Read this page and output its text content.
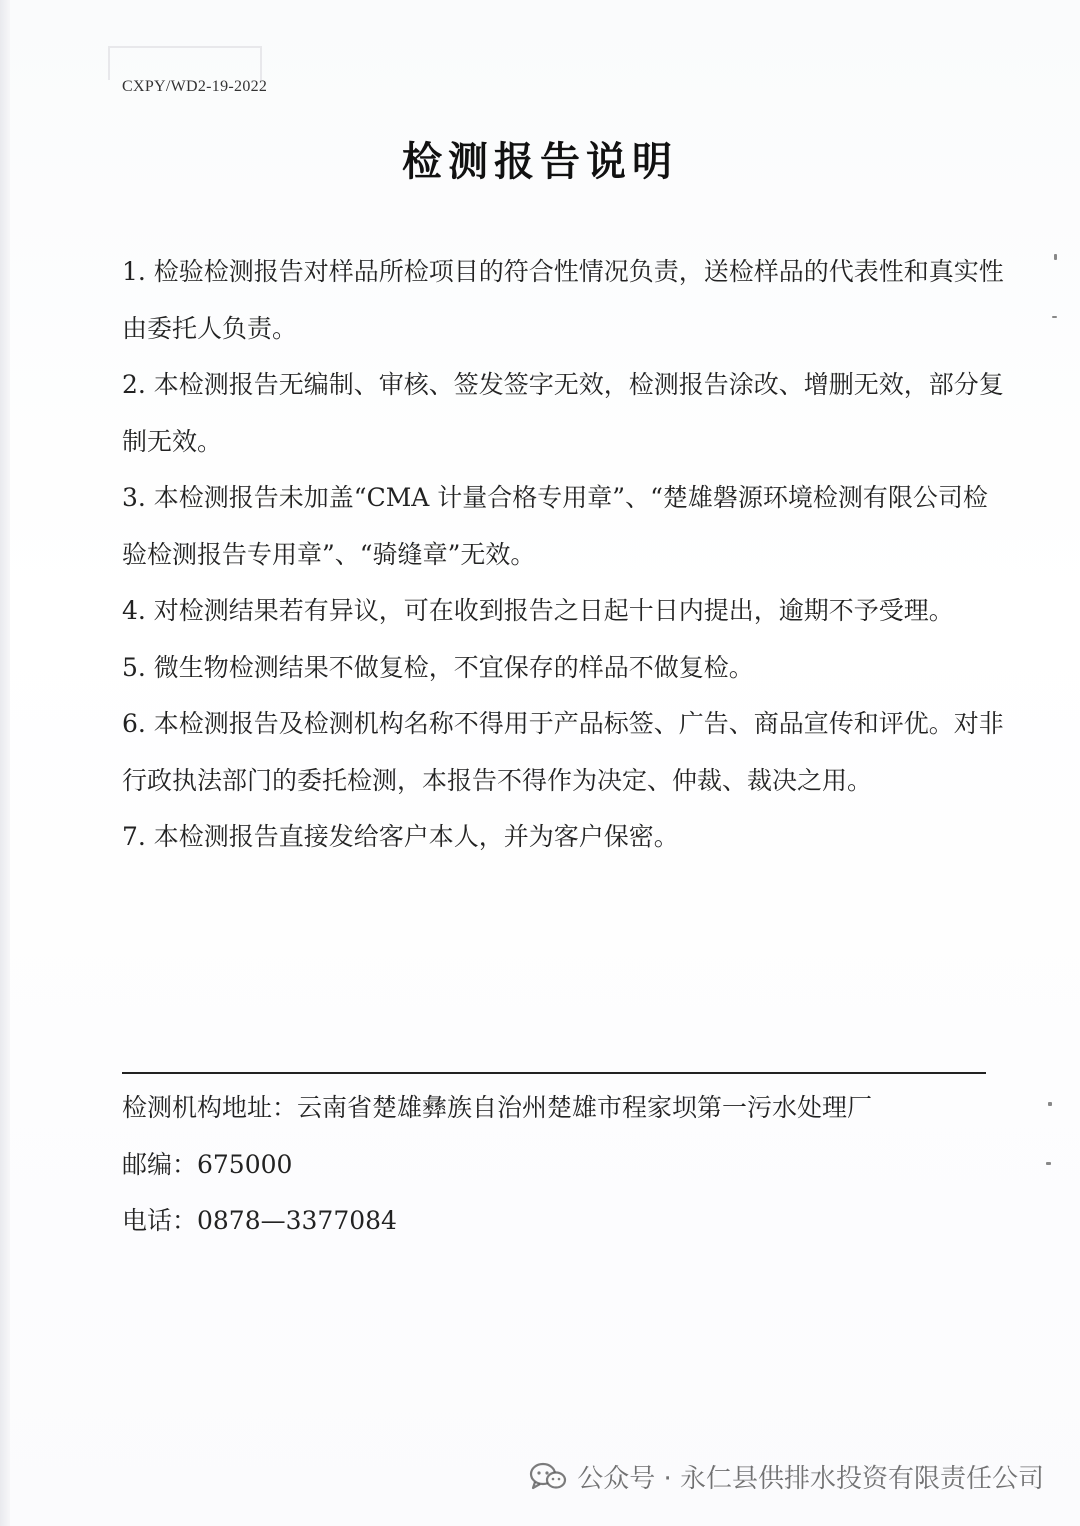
CXPY/WD2-19-2022
检测报告说明

1. 检验检测报告对样品所检项目的符合性情况负责，送检样品的代表性和真实性由委托人负责。

2. 本检测报告无编制、审核、签发签字无效，检测报告涂改、增删无效，部分复制无效。

3. 本检测报告未加盖“CMA 计量合格专用章”、“楚雄磐源环境检测有限公司检验检测报告专用章”、“骑缝章”无效。

4. 对检测结果若有异议，可在收到报告之日起十日内提出，逾期不予受理。

5. 微生物检测结果不做复检，不宜保存的样品不做复检。

6. 本检测报告及检测机构名称不得用于产品标签、广告、商品宣传和评优。对非行政执法部门的委托检测，本报告不得作为决定、仲裁、裁决之用。

7. 本检测报告直接发给客户本人，并为客户保密。

检测机构地址：云南省楚雄彝族自治州楚雄市程家坝第一污水处理厂

邮编：675000

电话：0878—3377084

公众号 · 永仁县供排水投资有限责任公司
